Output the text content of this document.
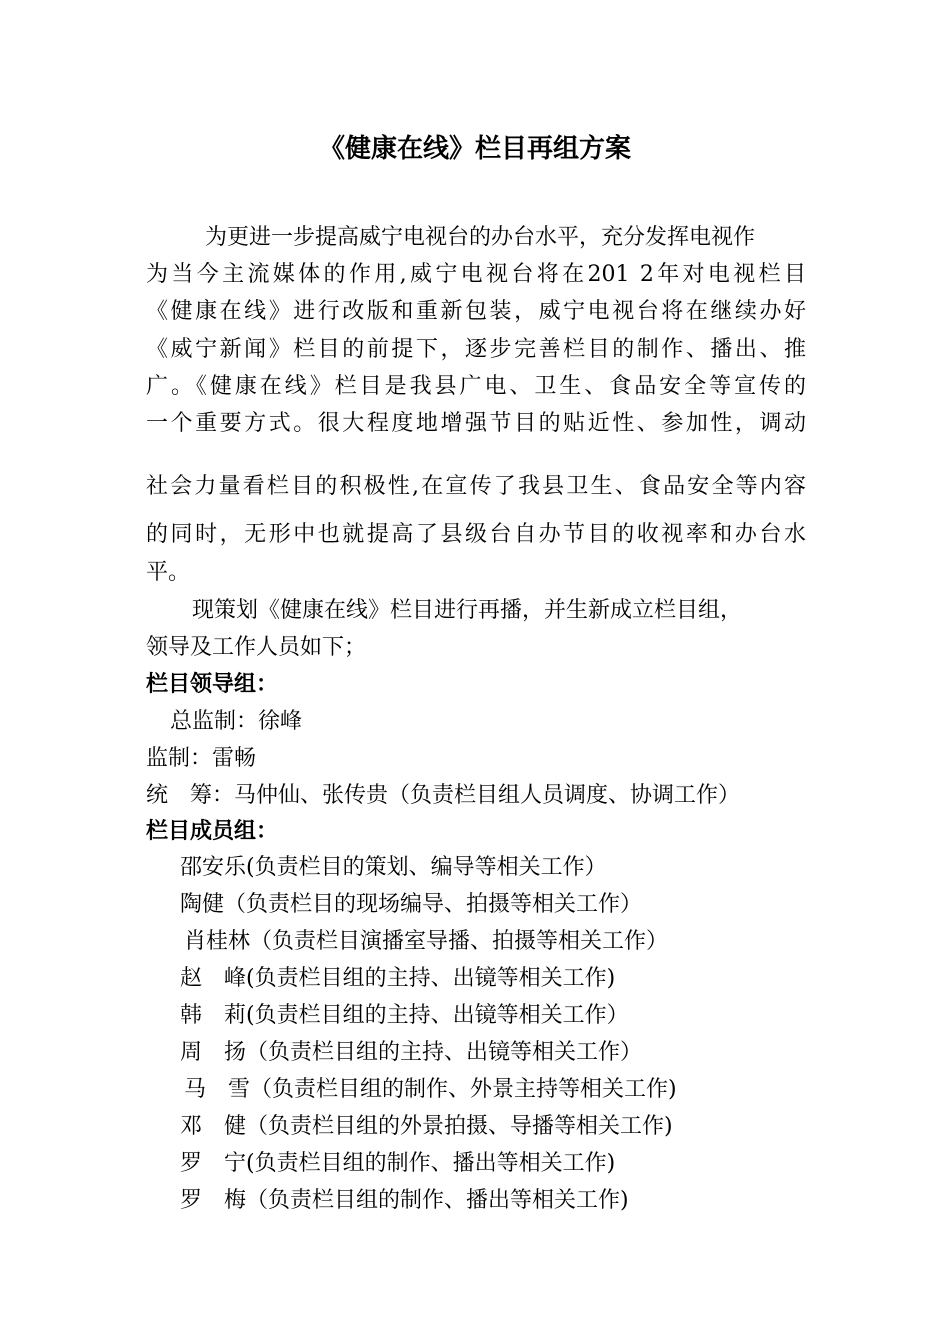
《健康在线》栏目再组方案
为更进一步提高威宁电视台的办台水平，充分发挥电视作
为当今主流媒体的作用,威宁电视台将在201 2年对电视栏目
《健康在线》进行改版和重新包装，威宁电视台将在继续办好
《威宁新闻》栏目的前提下，逐步完善栏目的制作、播出、推
广。《健康在线》栏目是我县广电、卫生、食品安全等宣传的
一个重要方式。很大程度地增强节目的贴近性、参加性，调动
社会力量看栏目的积极性,在宣传了我县卫生、食品安全等内容
的同时，无形中也就提高了县级台自办节目的收视率和办台水
平。
现策划《健康在线》栏目进行再播，并生新成立栏目组，
领导及工作人员如下；
栏目领导组：
总监制：徐峰
监制：雷畅
统　筹：马仲仙、张传贵（负责栏目组人员调度、协调工作）
栏目成员组：
邵安乐(负责栏目的策划、编导等相关工作）
陶健（负责栏目的现场编导、拍摄等相关工作）
肖桂林（负责栏目演播室导播、拍摄等相关工作）
赵　峰(负责栏目组的主持、出镜等相关工作)
韩　莉(负责栏目组的主持、出镜等相关工作）
周　扬（负责栏目组的主持、出镜等相关工作）
马　雪（负责栏目组的制作、外景主持等相关工作)
邓　健（负责栏目组的外景拍摄、导播等相关工作)
罗　宁(负责栏目组的制作、播出等相关工作)
罗　梅（负责栏目组的制作、播出等相关工作)
